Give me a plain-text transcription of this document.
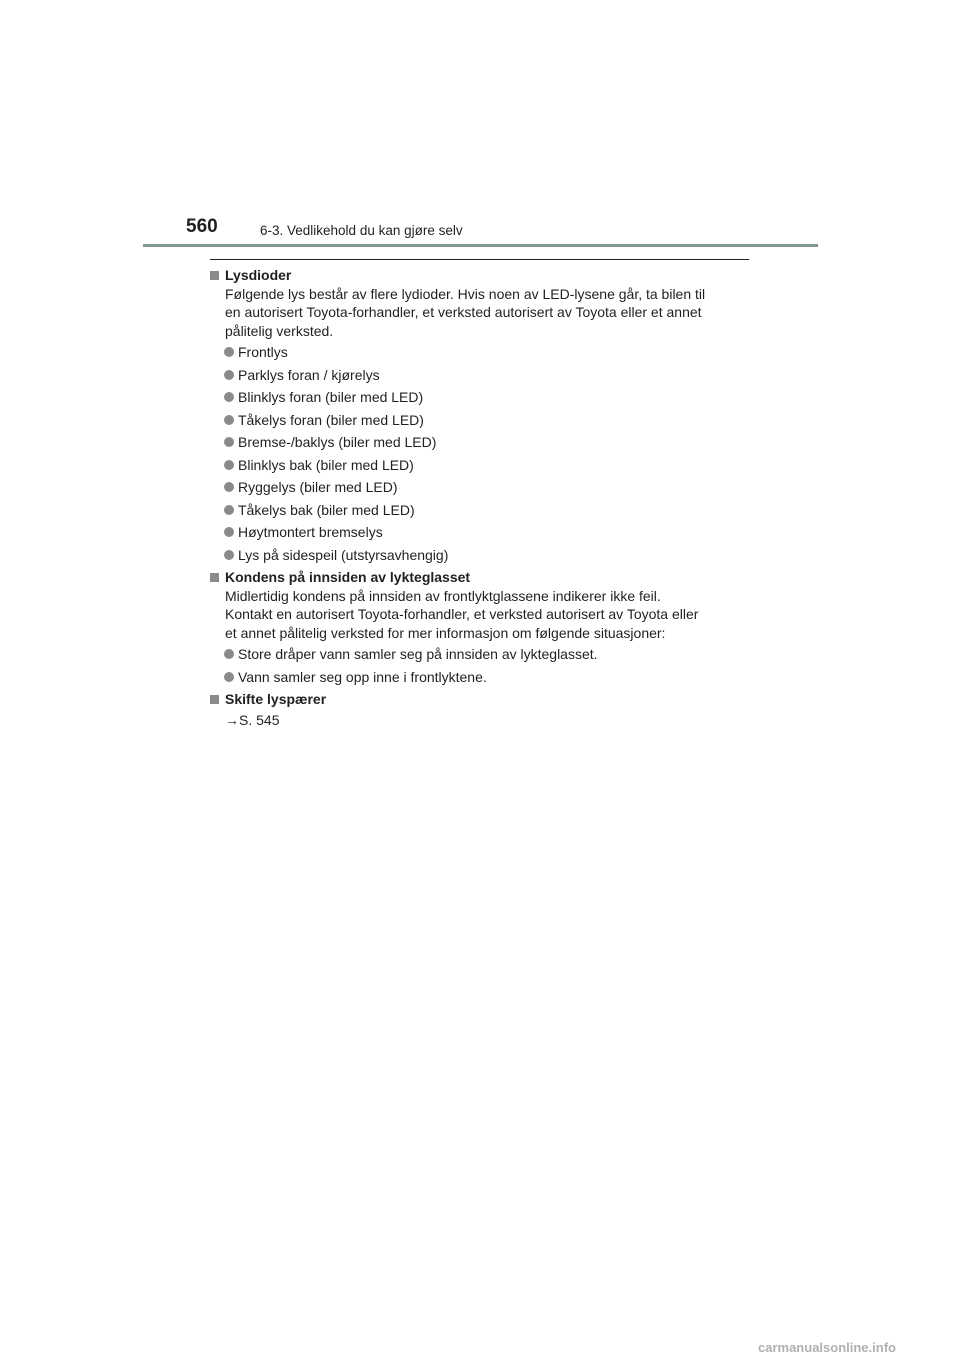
560	6-3. Vedlikehold du kan gjøre selv

Lysdioder

Følgende lys består av flere lydioder. Hvis noen av LED-lysene går, ta bilen til
en autorisert Toyota-forhandler, et verksted autorisert av Toyota eller et annet
pålitelig verksted.

Frontlys
Parklys foran / kjørelys
Blinklys foran (biler med LED)
Tåkelys foran (biler med LED)
Bremse-/baklys (biler med LED)
Blinklys bak (biler med LED)
Ryggelys (biler med LED)
Tåkelys bak (biler med LED)
Høytmontert bremselys
Lys på sidespeil (utstyrsavhengig)

Kondens på innsiden av lykteglasset

Midlertidig kondens på innsiden av frontlyktglassene indikerer ikke feil.
Kontakt en autorisert Toyota-forhandler, et verksted autorisert av Toyota eller
et annet pålitelig verksted for mer informasjon om følgende situasjoner:

Store dråper vann samler seg på innsiden av lykteglasset.
Vann samler seg opp inne i frontlyktene.

Skifte lyspærer

→S. 545

carmanualsonline.info
